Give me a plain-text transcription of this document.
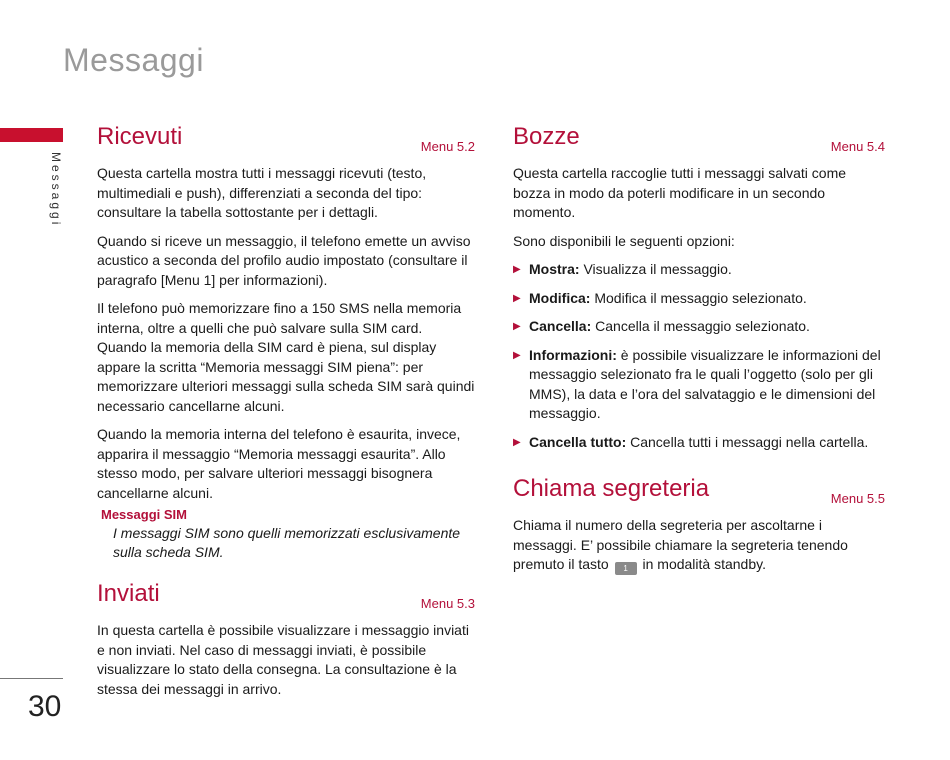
Messaggi
Messaggi
30
Ricevuti	Menu 5.2

Questa cartella mostra tutti i messaggi ricevuti (testo, multimediali e push), differenziati a seconda del tipo: consultare la tabella sottostante per i dettagli.

Quando si riceve un messaggio, il telefono emette un avviso acustico a seconda del profilo audio impostato (consultare il paragrafo [Menu 1] per informazioni).

Il telefono può memorizzare fino a 150 SMS nella memoria interna, oltre a quelli che può salvare sulla SIM card. Quando la memoria della SIM card è piena, sul display appare la scritta “Memoria messaggi SIM piena”: per memorizzare ulteriori messaggi sulla scheda SIM sarà quindi necessario cancellarne alcuni.

Quando la memoria interna del telefono è esaurita, invece, apparira il messaggio “Memoria messaggi esaurita”. Allo stesso modo, per salvare ulteriori messaggi bisognera cancellarne alcuni.

Messaggi SIM
I messaggi SIM sono quelli memorizzati esclusivamente sulla scheda SIM.
Inviati	Menu 5.3

In questa cartella è possibile visualizzare i messaggio inviati e non inviati. Nel caso di messaggi inviati, è possibile visualizzare lo stato della consegna. La consultazione è la stessa dei messaggi in arrivo.

Bozze	Menu 5.4

Questa cartella raccoglie tutti i messaggi salvati come bozza in modo da poterli modificare in un secondo momento.

Sono disponibili le seguenti opzioni:

▶ Mostra: Visualizza il messaggio.
▶ Modifica: Modifica il messaggio selezionato.
▶ Cancella: Cancella il messaggio selezionato.
▶ Informazioni: è possibile visualizzare le informazioni del messaggio selezionato fra le quali l’oggetto (solo per gli MMS), la data e l’ora del salvataggio e le dimensioni del messaggio.
▶ Cancella tutto: Cancella tutti i messaggi nella cartella.
Chiama segreteria	Menu 5.5

Chiama il numero della segreteria per ascoltarne i messaggi. E’ possibile chiamare la segreteria tenendo premuto il tasto 1 in modalità standby.
